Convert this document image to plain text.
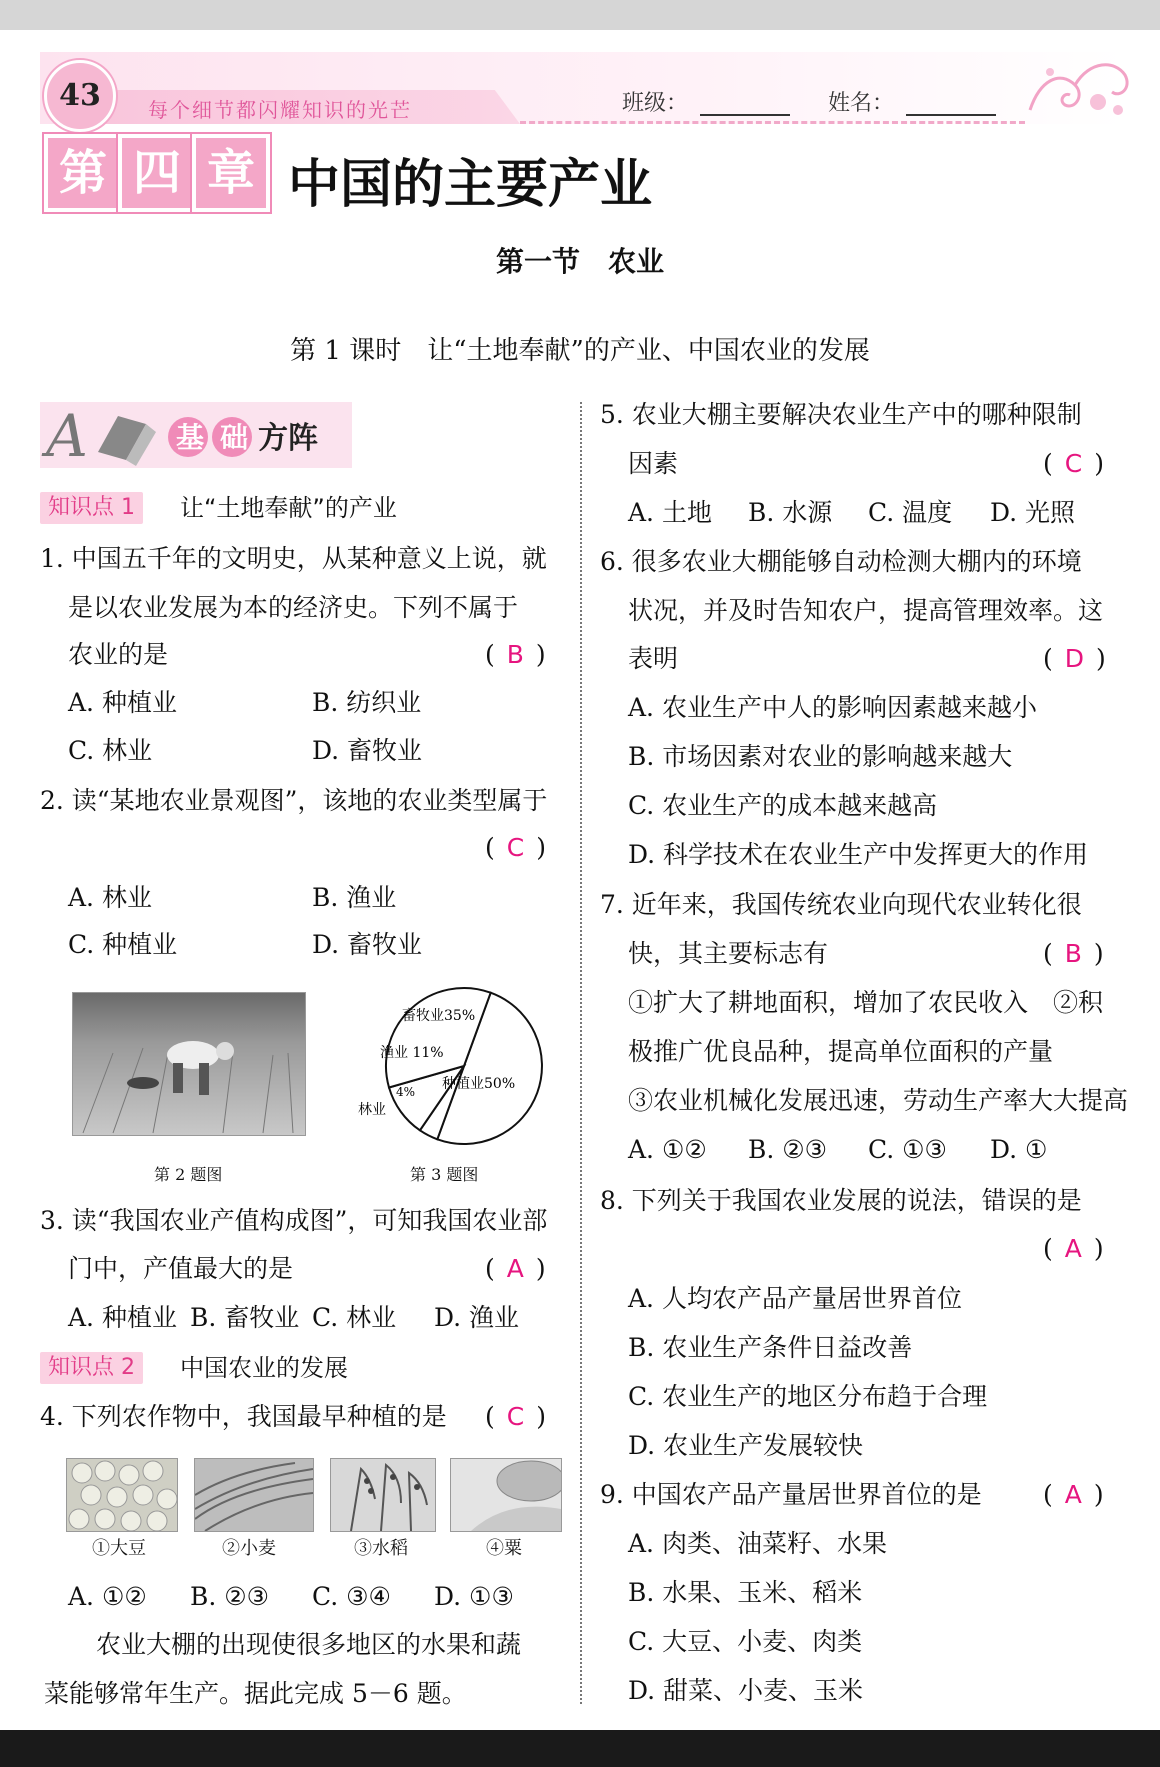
每个细节都闪耀知识的光芒
43	班级：	姓名：
第 四 章 中国的主要产业
第一节　农业
第 1 课时　让“土地奉献”的产业、中国农业的发展
A	基 础 方阵
知识点 1 让“土地奉献”的产业
1. 中国五千年的文明史，从某种意义上说，就
是以农业发展为本的经济史。下列不属于
农业的是	( B )
A. 种植业	B. 纺织业
C. 林业	D. 畜牧业
2. 读“某地农业景观图”，该地的农业类型属于
( C )
A. 林业	B. 渔业
C. 种植业	D. 畜牧业
第 2 题图
畜牧业35%
种植业50%
渔业 11%
4%
林业
第 3 题图
3. 读“我国农业产值构成图”，可知我国农业部
门中，产值最大的是	( A )
A. 种植业 B. 畜牧业 C. 林业 D. 渔业
知识点 2 中国农业的发展
4. 下列农作物中，我国最早种植的是 ( C )
①大豆	②小麦	③水稻	④粟
A. ①② B. ②③ C. ③④ D. ①③
农业大棚的出现使很多地区的水果和蔬
菜能够常年生产。据此完成 5－6 题。
5. 农业大棚主要解决农业生产中的哪种限制
因素	( C )
A. 土地 B. 水源 C. 温度 D. 光照
6. 很多农业大棚能够自动检测大棚内的环境
状况，并及时告知农户，提高管理效率。这
表明	( D )
A. 农业生产中人的影响因素越来越小
B. 市场因素对农业的影响越来越大
C. 农业生产的成本越来越高
D. 科学技术在农业生产中发挥更大的作用
7. 近年来，我国传统农业向现代农业转化很
快，其主要标志有	( B )
①扩大了耕地面积，增加了农民收入　②积
极推广优良品种，提高单位面积的产量
③农业机械化发展迅速，劳动生产率大大提高
A. ①② B. ②③ C. ①③ D. ①
8. 下列关于我国农业发展的说法，错误的是
( A )
A. 人均农产品产量居世界首位
B. 农业生产条件日益改善
C. 农业生产的地区分布趋于合理
D. 农业生产发展较快
9. 中国农产品产量居世界首位的是 ( A )
A. 肉类、油菜籽、水果
B. 水果、玉米、稻米
C. 大豆、小麦、肉类
D. 甜菜、小麦、玉米
